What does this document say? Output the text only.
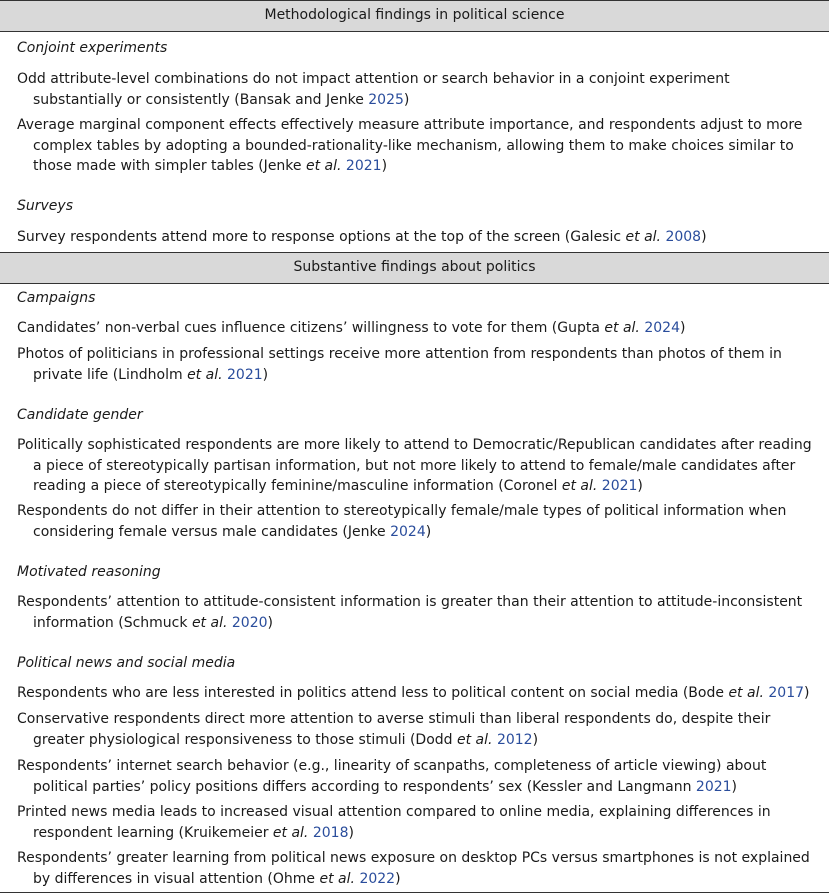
Methodological findings in political science
Conjoint experiments
Odd attribute-level combinations do not impact attention or search behavior in a conjoint experiment substantially or consistently (Bansak and Jenke 2025)
Average marginal component effects effectively measure attribute importance, and respondents adjust to more complex tables by adopting a bounded-rationality-like mechanism, allowing them to make choices similar to those made with simpler tables (Jenke et al. 2021)
Surveys
Survey respondents attend more to response options at the top of the screen (Galesic et al. 2008)
Substantive findings about politics
Campaigns
Candidates’ non-verbal cues influence citizens’ willingness to vote for them (Gupta et al. 2024)
Photos of politicians in professional settings receive more attention from respondents than photos of them in private life (Lindholm et al. 2021)
Candidate gender
Politically sophisticated respondents are more likely to attend to Democratic/Republican candidates after reading a piece of stereotypically partisan information, but not more likely to attend to female/male candidates after reading a piece of stereotypically feminine/masculine information (Coronel et al. 2021)
Respondents do not differ in their attention to stereotypically female/male types of political information when considering female versus male candidates (Jenke 2024)
Motivated reasoning
Respondents’ attention to attitude-consistent information is greater than their attention to attitude-inconsistent information (Schmuck et al. 2020)
Political news and social media
Respondents who are less interested in politics attend less to political content on social media (Bode et al. 2017)
Conservative respondents direct more attention to averse stimuli than liberal respondents do, despite their greater physiological responsiveness to those stimuli (Dodd et al. 2012)
Respondents’ internet search behavior (e.g., linearity of scanpaths, completeness of article viewing) about political parties’ policy positions differs according to respondents’ sex (Kessler and Langmann 2021)
Printed news media leads to increased visual attention compared to online media, explaining differences in respondent learning (Kruikemeier et al. 2018)
Respondents’ greater learning from political news exposure on desktop PCs versus smartphones is not explained by differences in visual attention (Ohme et al. 2022)
